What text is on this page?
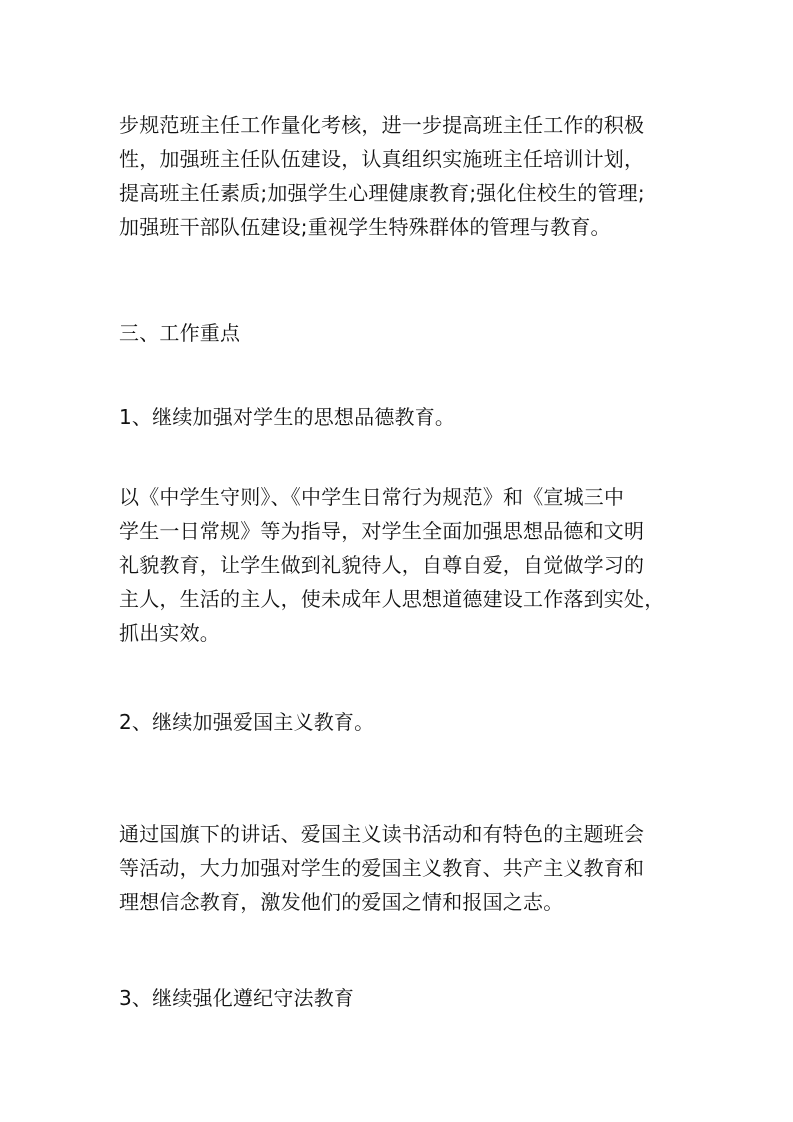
步规范班主任工作量化考核，进一步提高班主任工作的积极
性，加强班主任队伍建设，认真组织实施班主任培训计划，
提高班主任素质;加强学生心理健康教育;强化住校生的管理;
加强班干部队伍建设;重视学生特殊群体的管理与教育。
三、工作重点
1、继续加强对学生的思想品德教育。
以《中学生守则》、《中学生日常行为规范》和《宣城三中
学生一日常规》等为指导，对学生全面加强思想品德和文明
礼貌教育，让学生做到礼貌待人，自尊自爱，自觉做学习的
主人，生活的主人，使未成年人思想道德建设工作落到实处，
抓出实效。
2、继续加强爱国主义教育。
通过国旗下的讲话、爱国主义读书活动和有特色的主题班会
等活动，大力加强对学生的爱国主义教育、共产主义教育和
理想信念教育，激发他们的爱国之情和报国之志。
3、继续强化遵纪守法教育
